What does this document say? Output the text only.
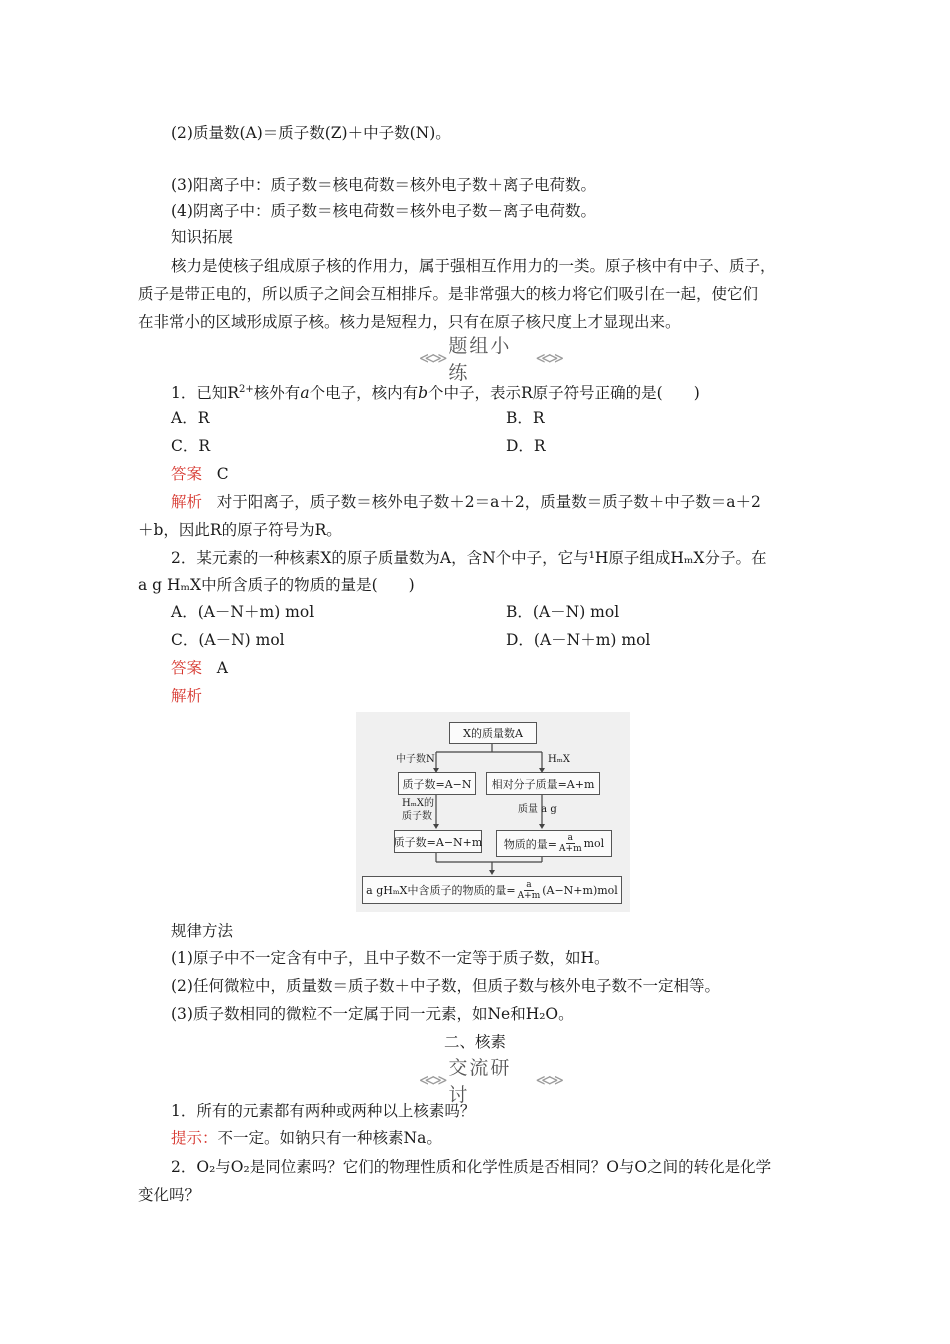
(2)质量数(A)＝质子数(Z)＋中子数(N)。
(3)阳离子中：质子数＝核电荷数＝核外电子数＋离子电荷数。
(4)阴离子中：质子数＝核电荷数＝核外电子数－离子电荷数。
知识拓展
核力是使核子组成原子核的作用力，属于强相互作用力的一类。原子核中有中子、质子，
质子是带正电的，所以质子之间会互相排斥。是非常强大的核力将它们吸引在一起，使它们
在非常小的区域形成原子核。核力是短程力，只有在原子核尺度上才显现出来。
≪≫
题组小练
≪≫
1．已知$R^{2+}$核外有a个电子，核内有b个中子，表示R原子符号正确的是(　　)
A．R	B．R
C．R	D．R
答案 C
解析 对于阳离子，质子数＝核外电子数＋2＝a＋2，质量数＝质子数＋中子数＝a＋2
＋b，因此R的原子符号为R。
2．某元素的一种核素X的原子质量数为A，含N个中子，它与¹H原子组成HₘX分子。在
a g HₘX中所含质子的物质的量是(　　)
A．(A－N＋m) mol	B．(A－N) mol
C．(A－N) mol	D．(A－N＋m) mol
答案 A
解析
X的质量数A
中子数N	HₘX
质子数=A−N	相对分子质量=A+m
HₘX的
质子数
质量 a g
质子数=A−N+m 物质的量= $\frac{a}{A+m}$ mol
a gHₘX中含质子的物质的量= $\frac{a}{A+m} (A-N+m)mol$
规律方法
(1)原子中不一定含有中子，且中子数不一定等于质子数，如H。
(2)任何微粒中，质量数＝质子数＋中子数，但质子数与核外电子数不一定相等。
(3)质子数相同的微粒不一定属于同一元素，如Ne和H₂O。
二、核素
≪≫
交流研讨
≪≫
1．所有的元素都有两种或两种以上核素吗？
提示：不一定。如钠只有一种核素Na。
2．O₂与O₂是同位素吗？它们的物理性质和化学性质是否相同？O与O之间的转化是化学
变化吗？
